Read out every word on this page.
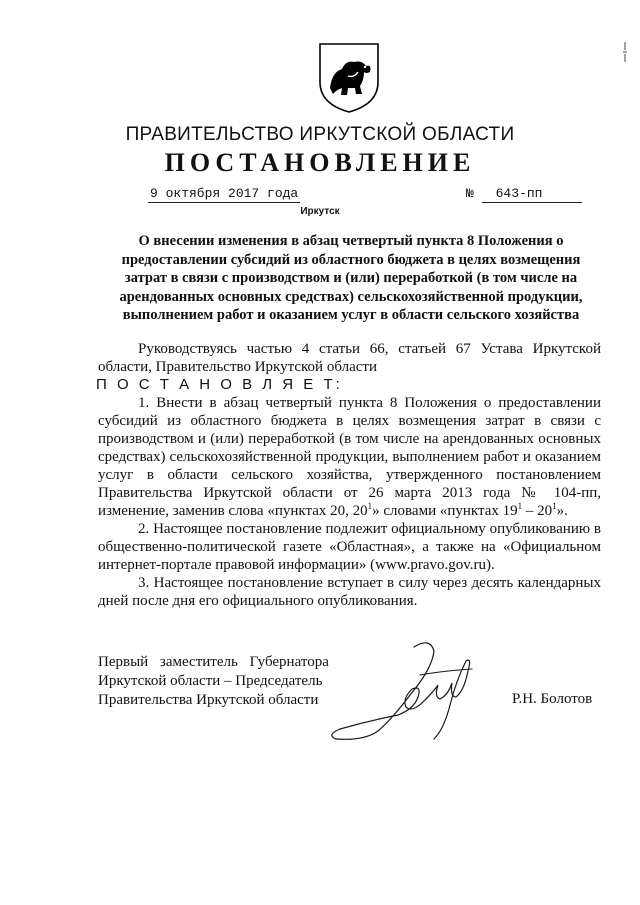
ПРАВИТЕЛЬСТВО ИРКУТСКОЙ ОБЛАСТИ
ПОСТАНОВЛЕНИЕ
9 октября 2017 года	№ 643-пп
Иркутск
О внесении изменения в абзац четвертый пункта 8 Положения о предоставлении субсидий из областного бюджета в целях возмещения затрат в связи с производством и (или) переработкой (в том числе на арендованных основных средствах) сельскохозяйственной продукции, выполнением работ и оказанием услуг в области сельского хозяйства

Руководствуясь частью 4 статьи 66, статьей 67 Устава Иркутской области, Правительство Иркутской области

П О С Т А Н О В Л Я Е Т:

1. Внести в абзац четвертый пункта 8 Положения о предоставлении субсидий из областного бюджета в целях возмещения затрат в связи с производством и (или) переработкой (в том числе на арендованных основных средствах) сельскохозяйственной продукции, выполнением работ и оказанием услуг в области сельского хозяйства, утвержденного постановлением Правительства Иркутской области от 26 марта 2013 года № 104-пп, изменение, заменив слова «пунктах 20, $20^1$» словами «пунктах $19^1 - 20^1$».

2. Настоящее постановление подлежит официальному опубликованию в общественно-политической газете «Областная», а также на «Официальном интернет-портале правовой информации» (www.pravo.gov.ru).

3. Настоящее постановление вступает в силу через десять календарных дней после дня его официального опубликования.

Первый заместитель Губернатора
Иркутской области – Председатель
Правительства Иркутской области	Р.Н. Болотов
